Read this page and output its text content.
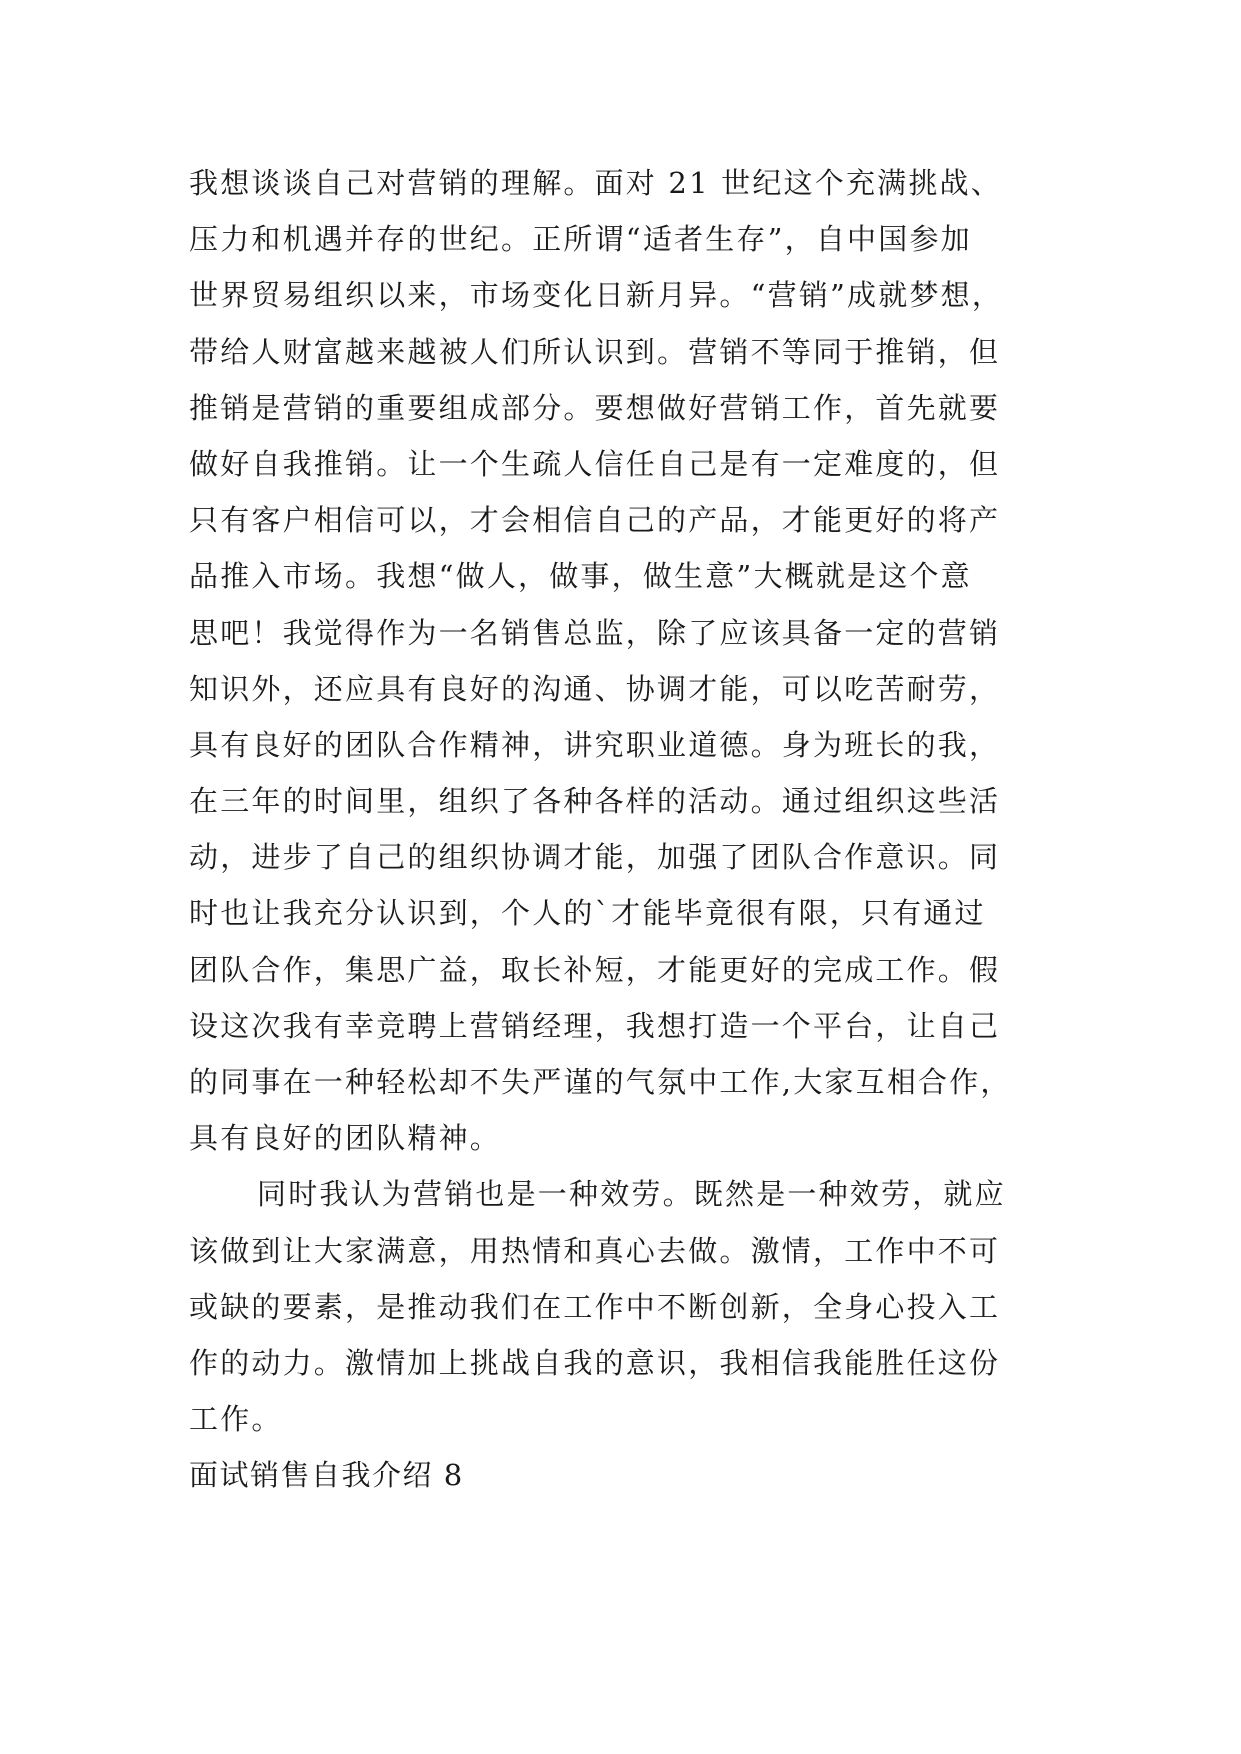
我想谈谈自己对营销的理解。面对 21 世纪这个充满挑战、
压力和机遇并存的世纪。正所谓“适者生存”，自中国参加
世界贸易组织以来，市场变化日新月异。“营销”成就梦想，
带给人财富越来越被人们所认识到。营销不等同于推销，但
推销是营销的重要组成部分。要想做好营销工作，首先就要
做好自我推销。让一个生疏人信任自己是有一定难度的，但
只有客户相信可以，才会相信自己的产品，才能更好的将产
品推入市场。我想“做人，做事，做生意”大概就是这个意
思吧！我觉得作为一名销售总监，除了应该具备一定的营销
知识外，还应具有良好的沟通、协调才能，可以吃苦耐劳，
具有良好的团队合作精神，讲究职业道德。身为班长的我，
在三年的时间里，组织了各种各样的活动。通过组织这些活
动，进步了自己的组织协调才能，加强了团队合作意识。同
时也让我充分认识到，个人的`才能毕竟很有限，只有通过
团队合作，集思广益，取长补短，才能更好的完成工作。假
设这次我有幸竞聘上营销经理，我想打造一个平台，让自己
的同事在一种轻松却不失严谨的气氛中工作,大家互相合作，
具有良好的团队精神。
同时我认为营销也是一种效劳。既然是一种效劳，就应
该做到让大家满意，用热情和真心去做。激情，工作中不可
或缺的要素，是推动我们在工作中不断创新，全身心投入工
作的动力。激情加上挑战自我的意识，我相信我能胜任这份
工作。
面试销售自我介绍 8
